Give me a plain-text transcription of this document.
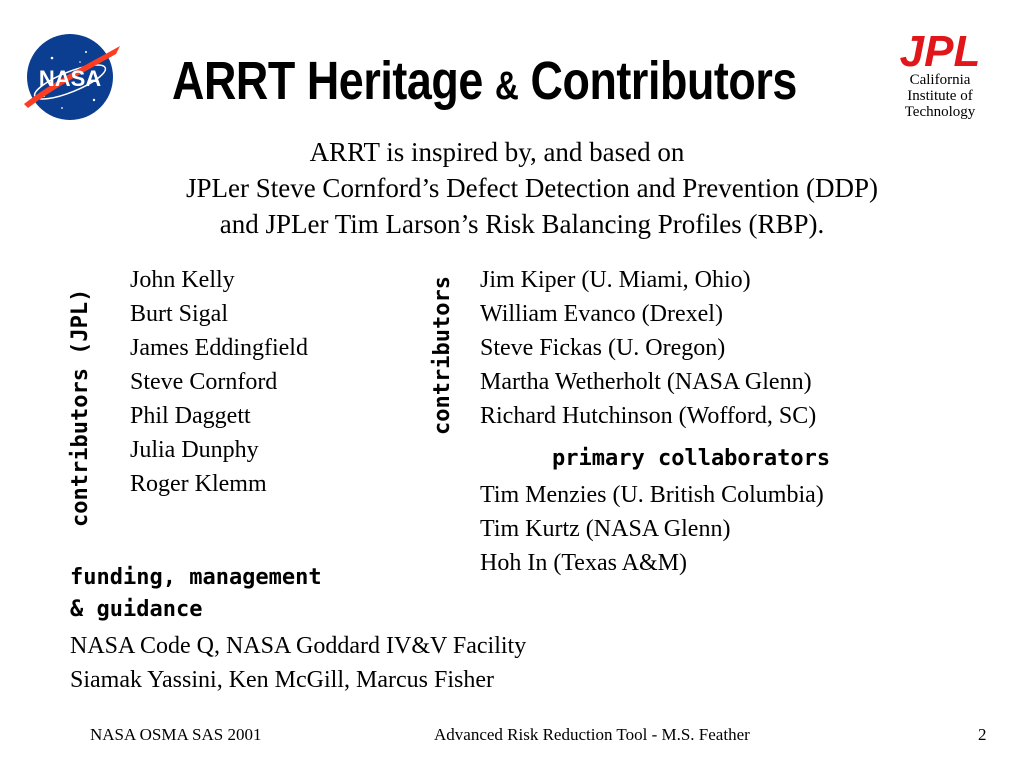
NASA ARRT Heritage & Contributors JPL
California
Institute of
Technology
ARRT is inspired by, and based on
JPLer Steve Cornford’s Defect Detection and Prevention (DDP)
and JPLer Tim Larson’s Risk Balancing Profiles (RBP).
contributors (JPL)	contributors
John Kelly
Burt Sigal
James Eddingfield
Steve Cornford
Phil Daggett
Julia Dunphy
Roger Klemm
Jim Kiper (U. Miami, Ohio)
William Evanco (Drexel)
Steve Fickas (U. Oregon)
Martha Wetherholt (NASA Glenn)
Richard Hutchinson (Wofford, SC)
primary collaborators
Tim Menzies (U. British Columbia)
Tim Kurtz (NASA Glenn)
Hoh In (Texas A&M)
funding, management
& guidance
NASA Code Q, NASA Goddard IV&V Facility
Siamak Yassini, Ken McGill, Marcus Fisher
NASA OSMA SAS 2001	Advanced Risk Reduction Tool - M.S. Feather	2
